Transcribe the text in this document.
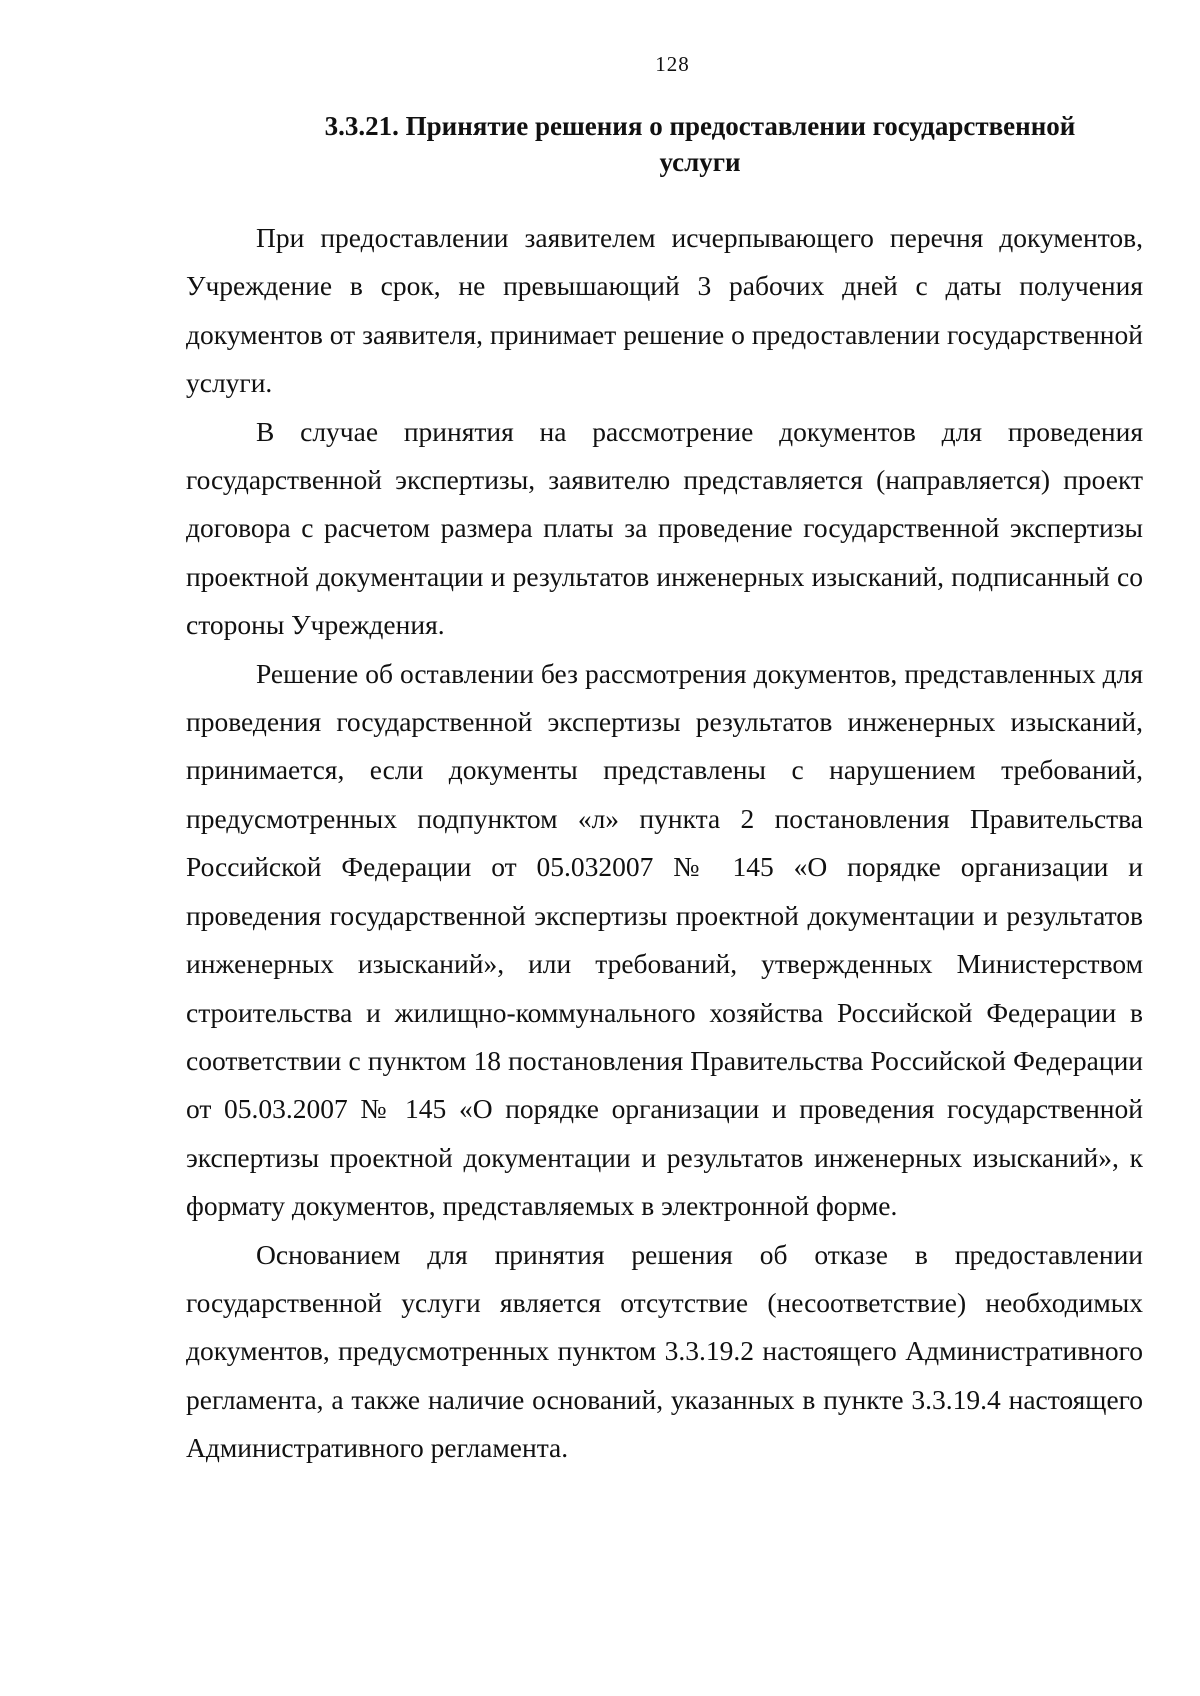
128

3.3.21. Принятие решения о предоставлении государственной
услуги

При предоставлении заявителем исчерпывающего перечня документов, Учреждение в срок, не превышающий 3 рабочих дней с даты получения документов от заявителя, принимает решение о предоставлении государственной услуги.

В случае принятия на рассмотрение документов для проведения государственной экспертизы, заявителю представляется (направляется) проект договора с расчетом размера платы за проведение государственной экспертизы проектной документации и результатов инженерных изысканий, подписанный со стороны Учреждения.

Решение об оставлении без рассмотрения документов, представленных для проведения государственной экспертизы результатов инженерных изысканий, принимается, если документы представлены с нарушением требований, предусмотренных подпунктом «л» пункта 2 постановления Правительства Российской Федерации от 05.032007 № 145 «О порядке организации и проведения государственной экспертизы проектной документации и результатов инженерных изысканий», или требований, утвержденных Министерством строительства и жилищно-коммунального хозяйства Российской Федерации в соответствии с пунктом 18 постановления Правительства Российской Федерации от 05.03.2007 № 145 «О порядке организации и проведения государственной экспертизы проектной документации и результатов инженерных изысканий», к формату документов, представляемых в электронной форме.

Основанием для принятия решения об отказе в предоставлении государственной услуги является отсутствие (несоответствие) необходимых документов, предусмотренных пунктом 3.3.19.2 настоящего Административного регламента, а также наличие оснований, указанных в пункте 3.3.19.4 настоящего Административного регламента.
